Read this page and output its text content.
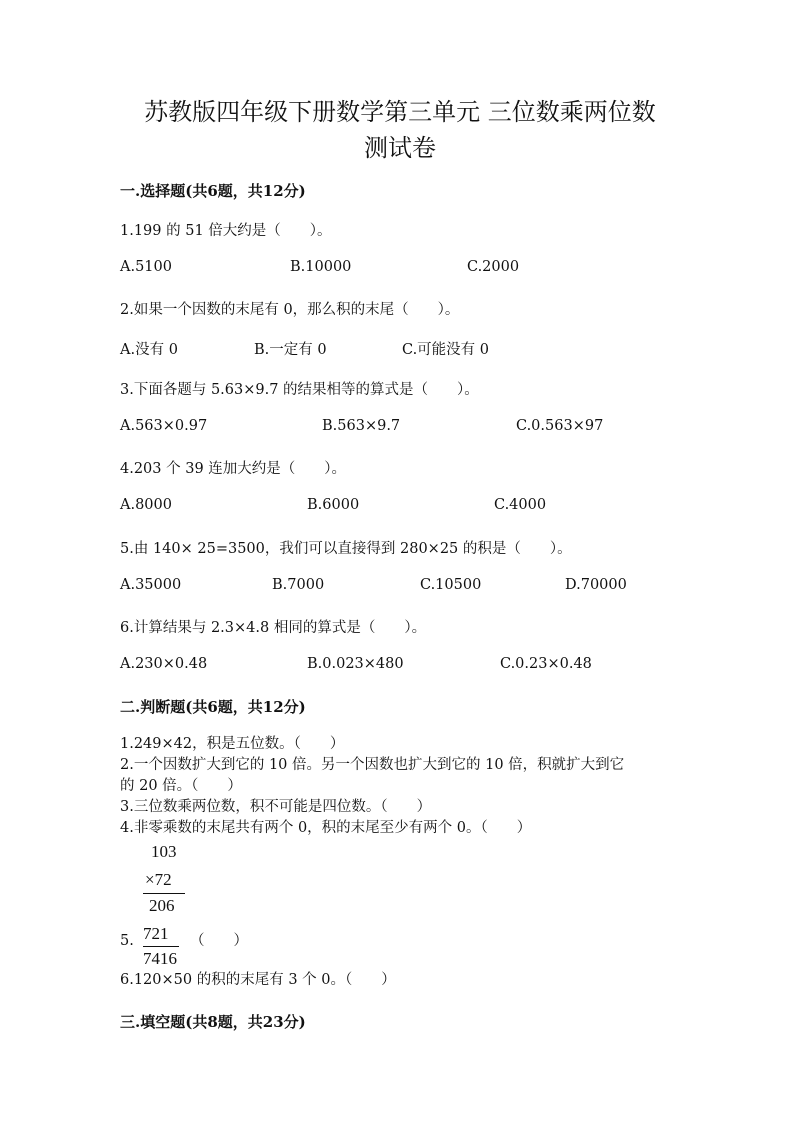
苏教版四年级下册数学第三单元 三位数乘两位数
测试卷
一.选择题(共6题，共12分)
1.199 的 51 倍大约是（　　）。
A.5100	B.10000	C.2000
2.如果一个因数的末尾有 0，那么积的末尾（　　）。
A.没有 0	B.一定有 0	C.可能没有 0
3.下面各题与 5.63×9.7 的结果相等的算式是（　　）。
A.563×0.97	B.563×9.7	C.0.563×97
4.203 个 39 连加大约是（　　）。
A.8000	B.6000	C.4000
5.由 140× 25=3500，我们可以直接得到 280×25 的积是（　　）。
A.35000	B.7000	C.10500	D.70000
6.计算结果与 2.3×4.8 相同的算式是（　　）。
A.230×0.48	B.0.023×480	C.0.23×0.48
二.判断题(共6题，共12分)
1.249×42，积是五位数。（　　）
2.一个因数扩大到它的 10 倍。另一个因数也扩大到它的 10 倍，积就扩大到它
的 20 倍。（　　）
3.三位数乘两位数，积不可能是四位数。（　　）
4.非零乘数的末尾共有两个 0，积的末尾至少有两个 0。（　　）
103
×72
206
721
7416
5.	（　　）
6.120×50 的积的末尾有 3 个 0。（　　）
三.填空题(共8题，共23分)
